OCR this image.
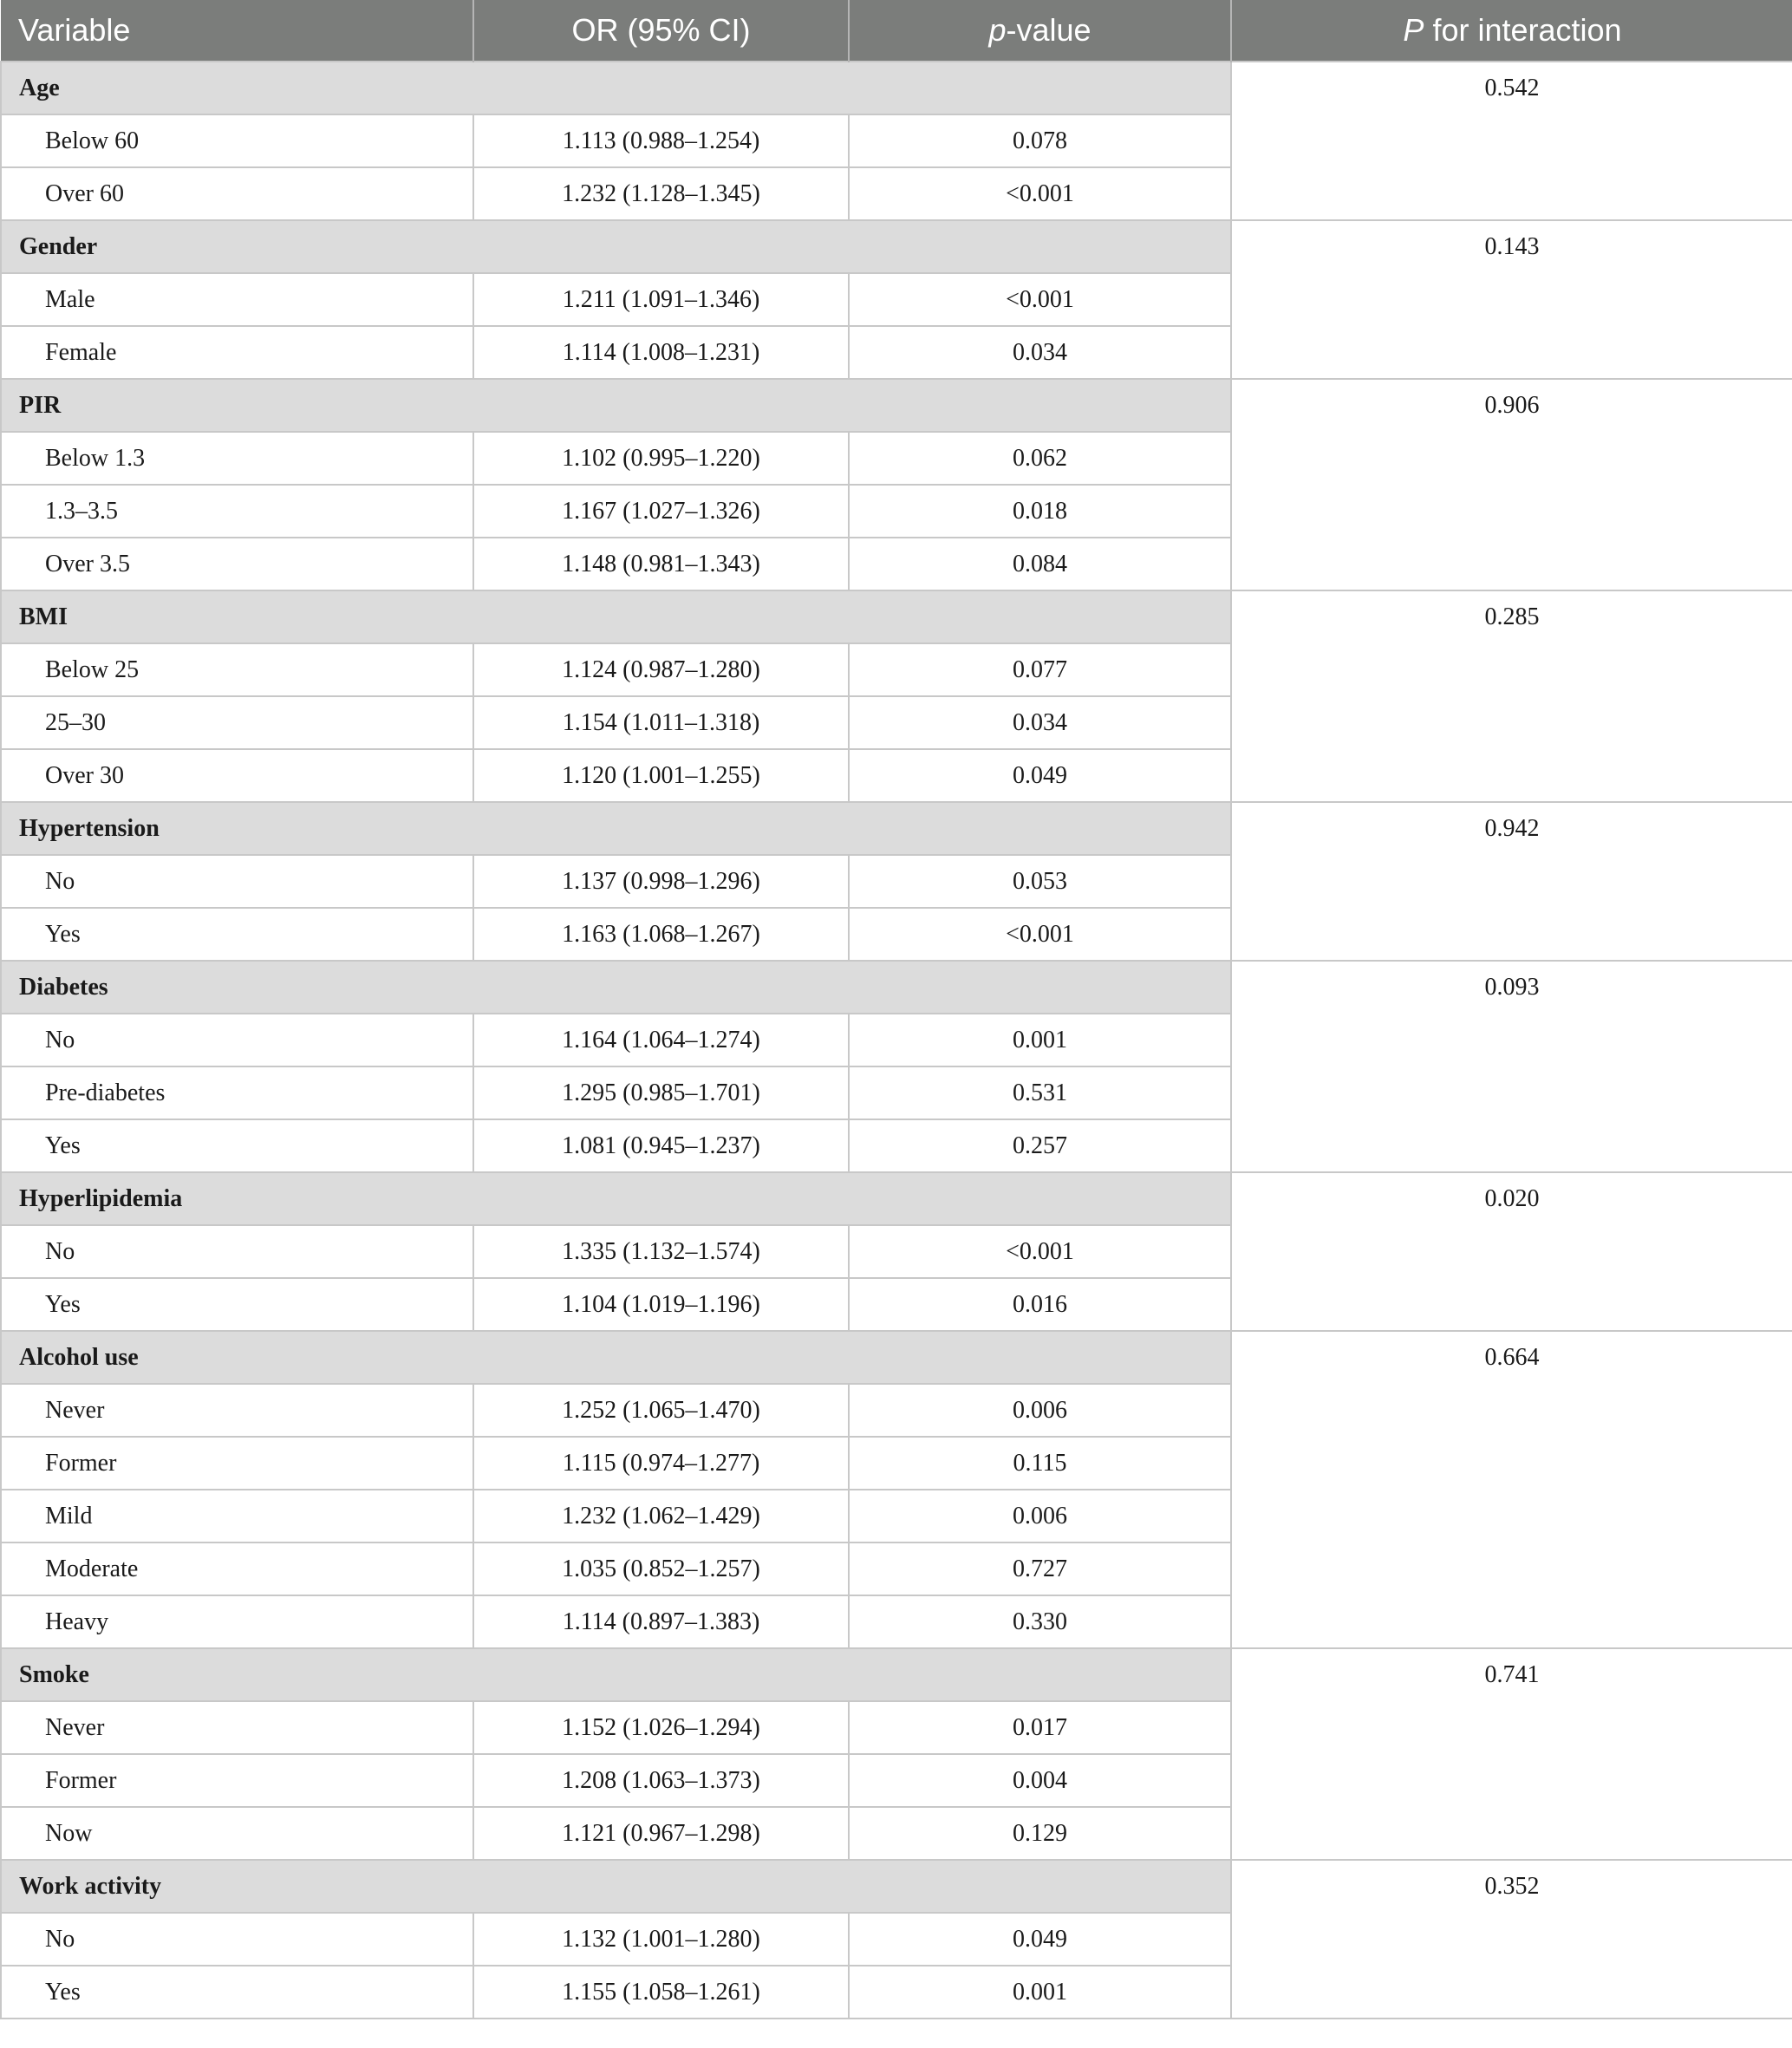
Variable	OR (95% CI)	p-value	P for interaction
Age			0.542
Below 60	1.113 (0.988–1.254)	0.078	
Over 60	1.232 (1.128–1.345)	<0.001	
Gender			0.143
Male	1.211 (1.091–1.346)	<0.001	
Female	1.114 (1.008–1.231)	0.034	
PIR			0.906
Below 1.3	1.102 (0.995–1.220)	0.062	
1.3–3.5	1.167 (1.027–1.326)	0.018	
Over 3.5	1.148 (0.981–1.343)	0.084	
BMI			0.285
Below 25	1.124 (0.987–1.280)	0.077	
25–30	1.154 (1.011–1.318)	0.034	
Over 30	1.120 (1.001–1.255)	0.049	
Hypertension			0.942
No	1.137 (0.998–1.296)	0.053	
Yes	1.163 (1.068–1.267)	<0.001	
Diabetes			0.093
No	1.164 (1.064–1.274)	0.001	
Pre-diabetes	1.295 (0.985–1.701)	0.531	
Yes	1.081 (0.945–1.237)	0.257	
Hyperlipidemia			0.020
No	1.335 (1.132–1.574)	<0.001	
Yes	1.104 (1.019–1.196)	0.016	
Alcohol use			0.664
Never	1.252 (1.065–1.470)	0.006	
Former	1.115 (0.974–1.277)	0.115	
Mild	1.232 (1.062–1.429)	0.006	
Moderate	1.035 (0.852–1.257)	0.727	
Heavy	1.114 (0.897–1.383)	0.330	
Smoke			0.741
Never	1.152 (1.026–1.294)	0.017	
Former	1.208 (1.063–1.373)	0.004	
Now	1.121 (0.967–1.298)	0.129	
Work activity			0.352
No	1.132 (1.001–1.280)	0.049	
Yes	1.155 (1.058–1.261)	0.001	
